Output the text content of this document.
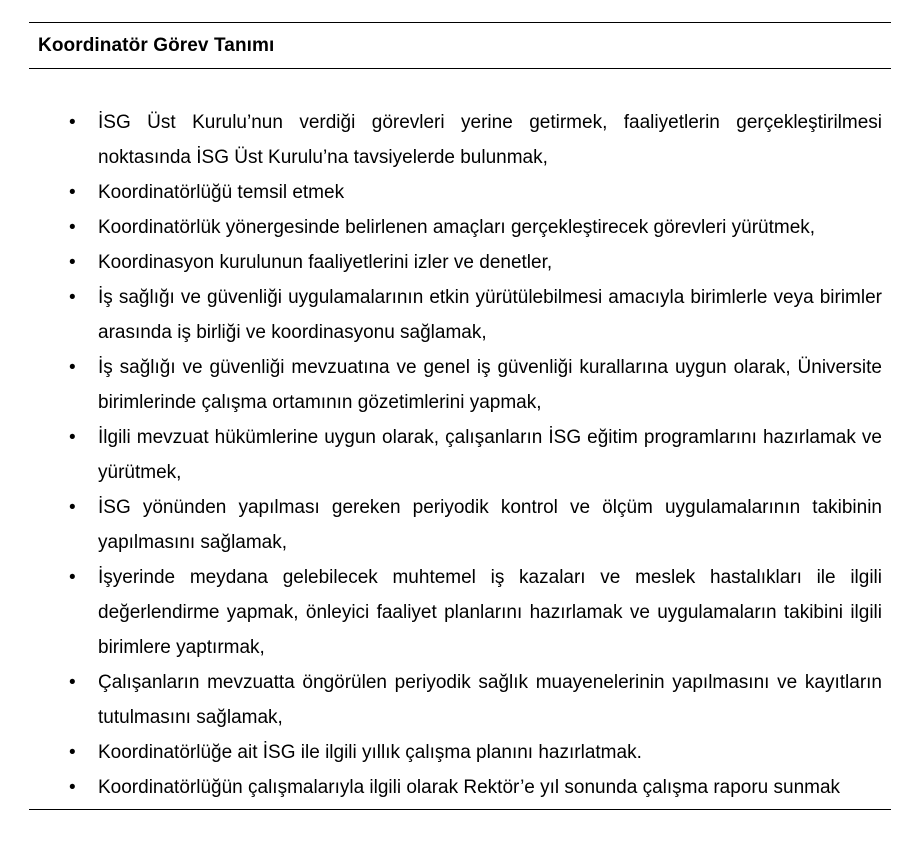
Koordinatör Görev Tanımı
• İSG Üst Kurulu’nun verdiği görevleri yerine getirmek, faaliyetlerin gerçekleştirilmesi noktasında İSG Üst Kurulu’na tavsiyelerde bulunmak,
• Koordinatörlüğü temsil etmek
• Koordinatörlük yönergesinde belirlenen amaçları gerçekleştirecek görevleri yürütmek,
• Koordinasyon kurulunun faaliyetlerini izler ve denetler,
• İş sağlığı ve güvenliği uygulamalarının etkin yürütülebilmesi amacıyla birimlerle veya birimler arasında iş birliği ve koordinasyonu sağlamak,
• İş sağlığı ve güvenliği mevzuatına ve genel iş güvenliği kurallarına uygun olarak, Üniversite birimlerinde çalışma ortamının gözetimlerini yapmak,
• İlgili mevzuat hükümlerine uygun olarak, çalışanların İSG eğitim programlarını hazırlamak ve yürütmek,
• İSG yönünden yapılması gereken periyodik kontrol ve ölçüm uygulamalarının takibinin yapılmasını sağlamak,
• İşyerinde meydana gelebilecek muhtemel iş kazaları ve meslek hastalıkları ile ilgili değerlendirme yapmak, önleyici faaliyet planlarını hazırlamak ve uygulamaların takibini ilgili birimlere yaptırmak,
• Çalışanların mevzuatta öngörülen periyodik sağlık muayenelerinin yapılmasını ve kayıtların tutulmasını sağlamak,
• Koordinatörlüğe ait İSG ile ilgili yıllık çalışma planını hazırlatmak.
• Koordinatörlüğün çalışmalarıyla ilgili olarak Rektör’e yıl sonunda çalışma raporu sunmak
